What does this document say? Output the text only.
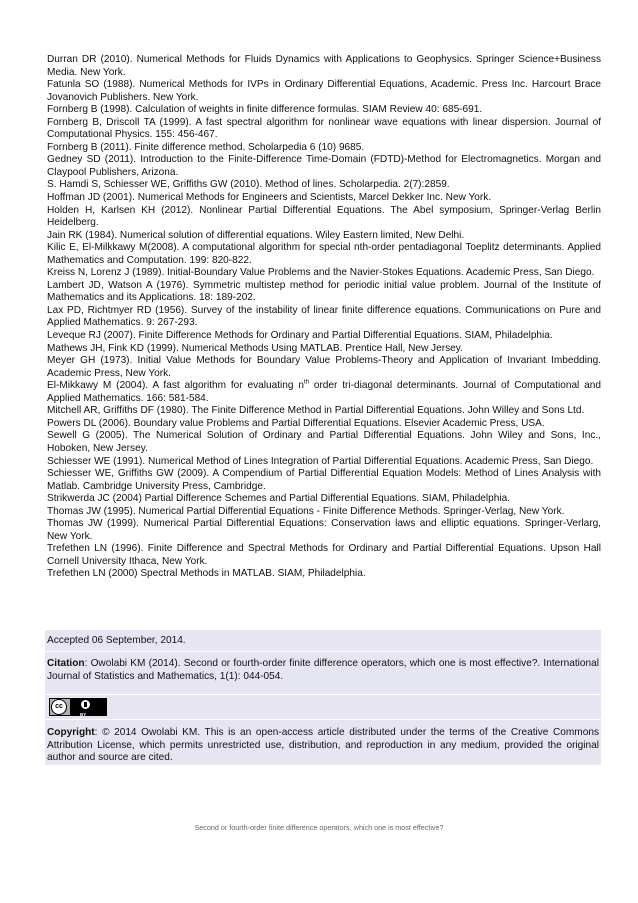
Durran DR (2010). Numerical Methods for Fluids Dynamics with Applications to Geophysics. Springer Science+Business Media. New York.

Fatunla SO (1988). Numerical Methods for IVPs in Ordinary Differential Equations, Academic. Press Inc. Harcourt Brace Jovanovich Publishers. New York.

Fornberg B (1998). Calculation of weights in finite difference formulas. SIAM Review 40: 685-691.

Fornberg B, Driscoll TA (1999). A fast spectral algorithm for nonlinear wave equations with linear dispersion. Journal of Computational Physics. 155: 456-467.

Fornberg B (2011). Finite difference method. Scholarpedia 6 (10) 9685.

Gedney SD (2011). Introduction to the Finite-Difference Time-Domain (FDTD)-Method for Electromagnetics. Morgan and Claypool Publishers, Arizona.

S. Hamdi S, Schiesser WE, Griffiths GW (2010). Method of lines. Scholarpedia. 2(7):2859.

Hoffman JD (2001). Numerical Methods for Engineers and Scientists, Marcel Dekker Inc. New York.

Holden H, Karlsen KH (2012). Nonlinear Partial Differential Equations. The Abel symposium, Springer-Verlag Berlin Heidelberg.

Jain RK (1984). Numerical solution of differential equations. Wiley Eastern limited, New Delhi.

Kilic E, El-Milkkawy M(2008). A computational algorithm for special nth-order pentadiagonal Toeplitz determinants. Applied Mathematics and Computation. 199: 820-822.

Kreiss N, Lorenz J (1989). Initial-Boundary Value Problems and the Navier-Stokes Equations. Academic Press, San Diego.

Lambert JD, Watson A (1976). Symmetric multistep method for periodic initial value problem. Journal of the Institute of Mathematics and its Applications. 18: 189-202.

Lax PD, Richtmyer RD (1956). Survey of the instability of linear finite difference equations. Communications on Pure and Applied Mathematics. 9: 267-293.

Leveque RJ (2007). Finite Difference Methods for Ordinary and Partial Differential Equations. SIAM, Philadelphia.

Mathews JH, Fink KD (1999). Numerical Methods Using MATLAB. Prentice Hall, New Jersey.

Meyer GH (1973). Initial Value Methods for Boundary Value Problems-Theory and Application of Invariant Imbedding. Academic Press, New York.

El-Mikkawy M (2004). A fast algorithm for evaluating $n^{th}$ order tri-diagonal determinants. Journal of Computational and Applied Mathematics. 166: 581-584.

Mitchell AR, Griffiths DF (1980). The Finite Difference Method in Partial Differential Equations. John Willey and Sons Ltd.

Powers DL (2006). Boundary value Problems and Partial Differential Equations. Elsevier Academic Press, USA.

Sewell G (2005). The Numerical Solution of Ordinary and Partial Differential Equations. John Wiley and Sons, Inc., Hoboken, New Jersey.

Schiesser WE (1991). Numerical Method of Lines Integration of Partial Differential Equations. Academic Press, San Diego.

Schiesser WE, Griffiths GW (2009). A Compendium of Partial Differential Equation Models: Method of Lines Analysis with Matlab. Cambridge University Press, Cambridge.

Strikwerda JC (2004) Partial Difference Schemes and Partial Differential Equations. SIAM, Philadelphia.

Thomas JW (1995). Numerical Partial Differential Equations - Finite Difference Methods. Springer-Verlag, New York.

Thomas JW (1999). Numerical Partial Differential Equations: Conservation laws and elliptic equations. Springer-Verlarg, New York.

Trefethen LN (1996). Finite Difference and Spectral Methods for Ordinary and Partial Differential Equations. Upson Hall Cornell University Ithaca, New York.

Trefethen LN (2000) Spectral Methods in MATLAB. SIAM, Philadelphia.

Accepted 06 September, 2014.
Citation: Owolabi KM (2014). Second or fourth-order finite difference operators, which one is most effective?. International Journal of Statistics and Mathematics, 1(1): 044-054.
cc
BY
Copyright: © 2014 Owolabi KM. This is an open-access article distributed under the terms of the Creative Commons Attribution License, which permits unrestricted use, distribution, and reproduction in any medium, provided the original author and source are cited.
Second or fourth-order finite difference operators, which one is most effective?
